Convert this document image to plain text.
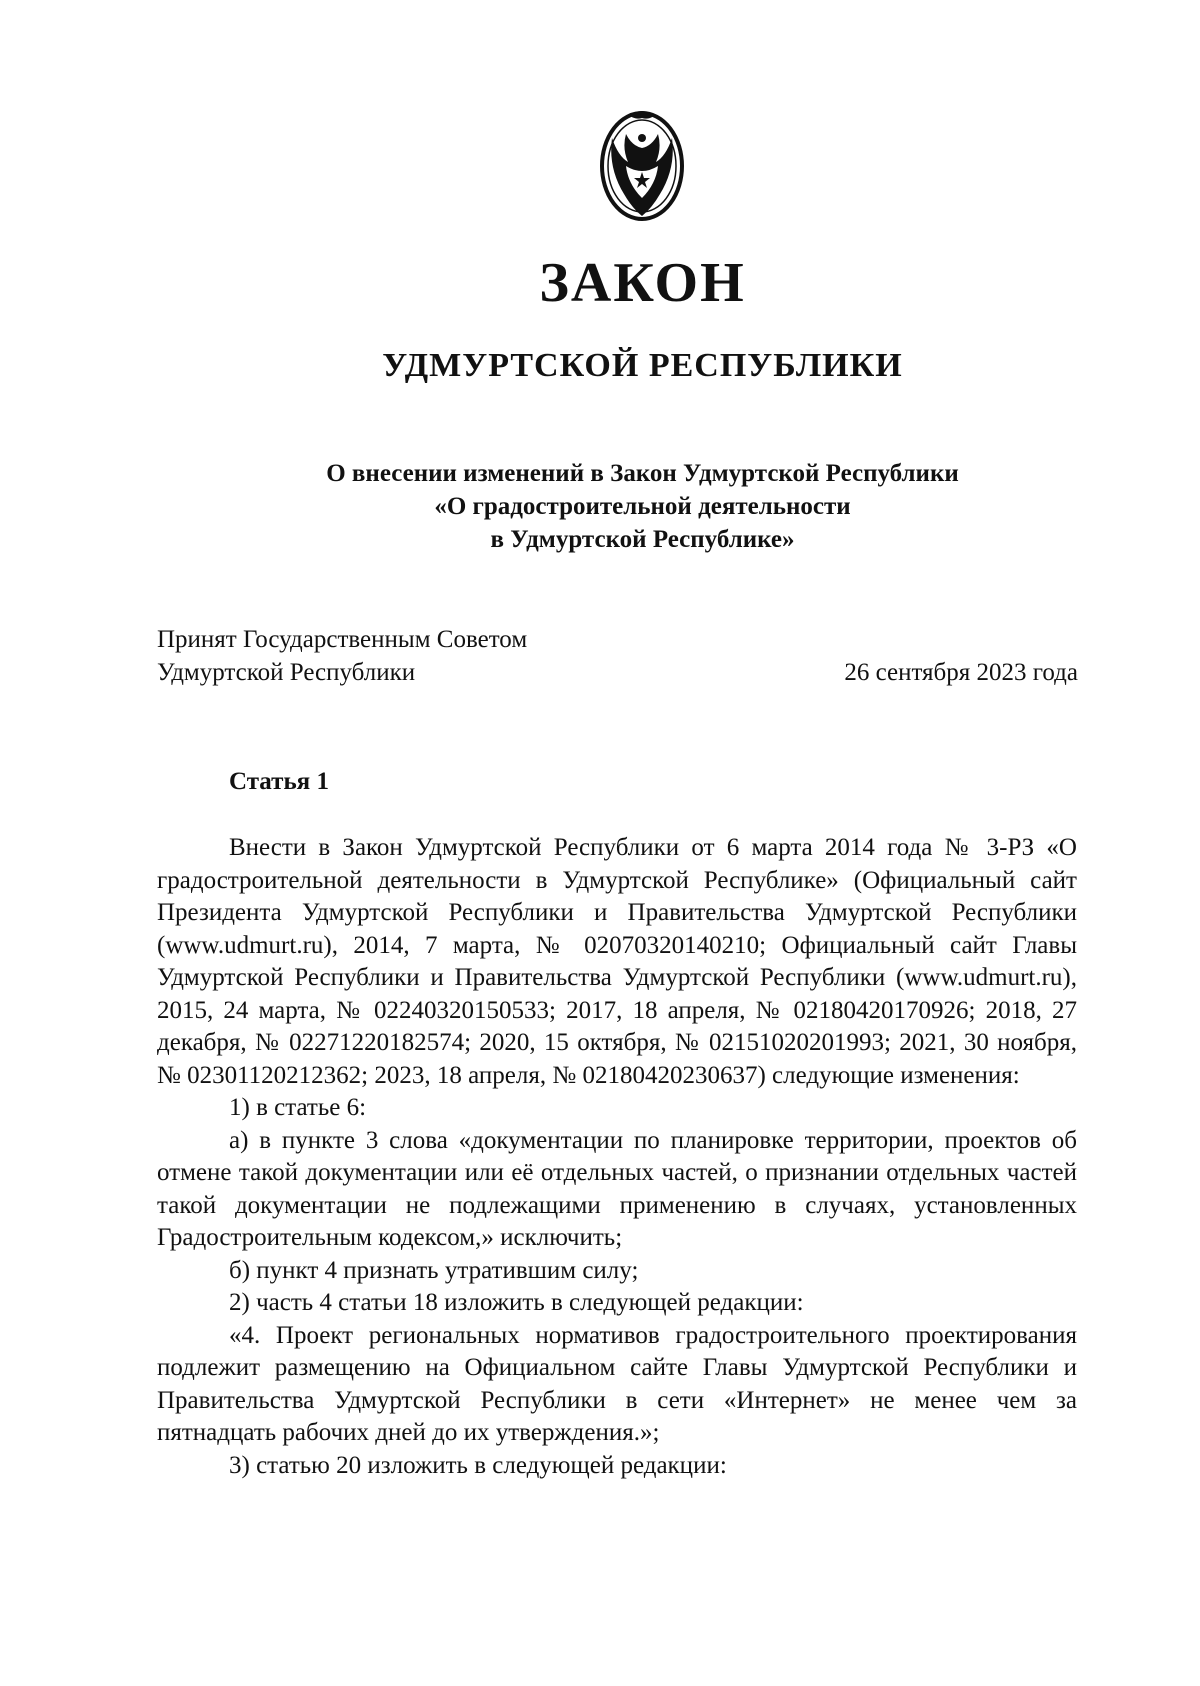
ЗАКОН
УДМУРТСКОЙ РЕСПУБЛИКИ
О внесении изменений в Закон Удмуртской Республики
«О градостроительной деятельности
в Удмуртской Республике»
Принят Государственным Советом
Удмуртской Республики	26 сентября 2023 года
Статья 1

Внести в Закон Удмуртской Республики от 6 марта 2014 года № 3-РЗ «О градостроительной деятельности в Удмуртской Республике» (Официальный сайт Президента Удмуртской Республики и Правительства Удмуртской Республики (www.udmurt.ru), 2014, 7 марта, № 02070320140210; Официальный сайт Главы Удмуртской Республики и Правительства Удмуртской Республики (www.udmurt.ru), 2015, 24 марта, № 02240320150533; 2017, 18 апреля, № 02180420170926; 2018, 27 декабря, № 02271220182574; 2020, 15 октября, № 02151020201993; 2021, 30 ноября, № 02301120212362; 2023, 18 апреля, № 02180420230637) следующие изменения:

1) в статье 6:

а) в пункте 3 слова «документации по планировке территории, проектов об отмене такой документации или её отдельных частей, о признании отдельных частей такой документации не подлежащими применению в случаях, установленных Градостроительным кодексом,» исключить;

б) пункт 4 признать утратившим силу;

2) часть 4 статьи 18 изложить в следующей редакции:

«4. Проект региональных нормативов градостроительного проектирования подлежит размещению на Официальном сайте Главы Удмуртской Республики и Правительства Удмуртской Республики в сети «Интернет» не менее чем за пятнадцать рабочих дней до их утверждения.»;

3) статью 20 изложить в следующей редакции:
